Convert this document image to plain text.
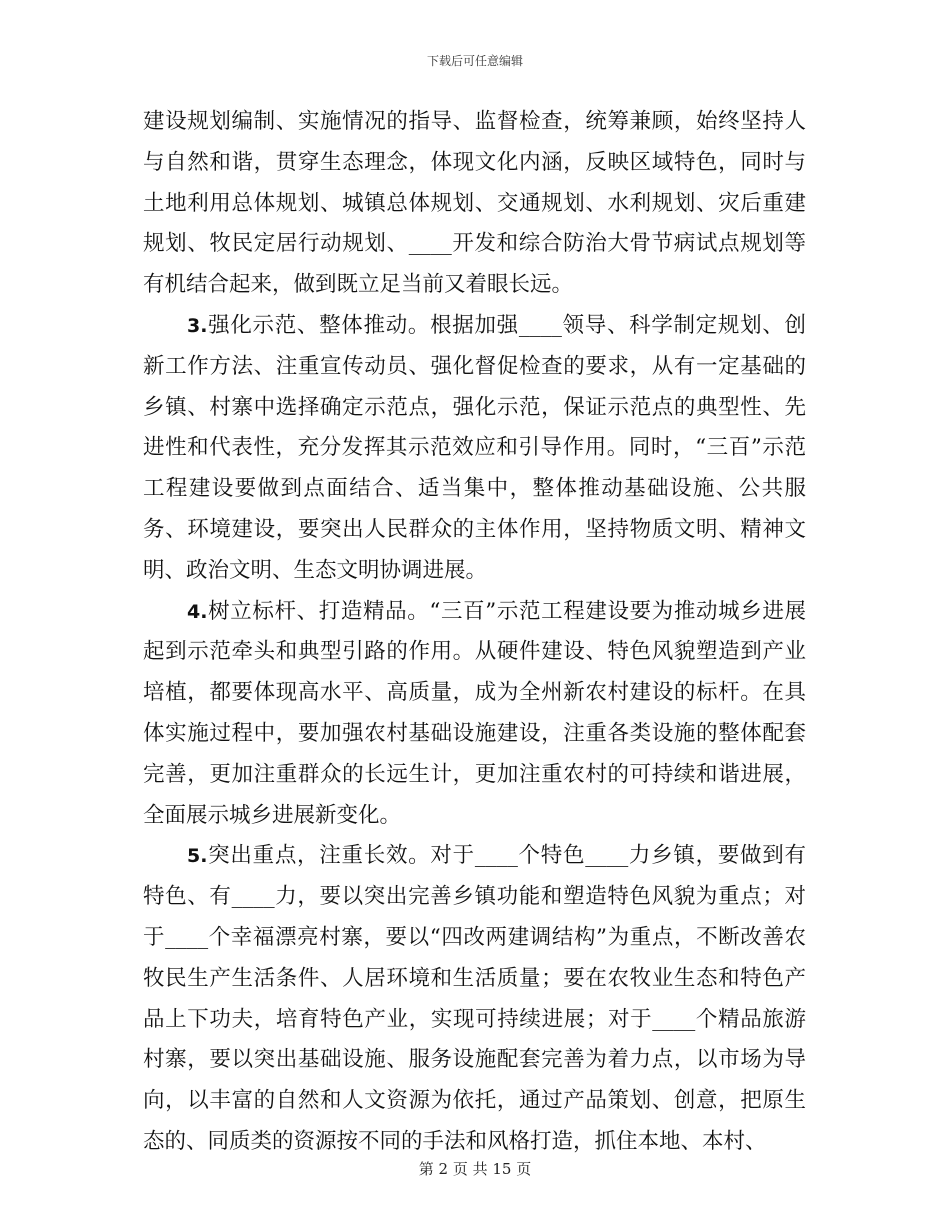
下载后可任意编辑

建设规划编制、实施情况的指导、监督检查，统筹兼顾，始终坚持人与自然和谐，贯穿生态理念，体现文化内涵，反映区域特色，同时与土地利用总体规划、城镇总体规划、交通规划、水利规划、灾后重建规划、牧民定居行动规划、____开发和综合防治大骨节病试点规划等有机结合起来，做到既立足当前又着眼长远。

3.强化示范、整体推动。根据加强____领导、科学制定规划、创新工作方法、注重宣传动员、强化督促检查的要求，从有一定基础的乡镇、村寨中选择确定示范点，强化示范，保证示范点的典型性、先进性和代表性，充分发挥其示范效应和引导作用。同时，“三百”示范工程建设要做到点面结合、适当集中，整体推动基础设施、公共服务、环境建设，要突出人民群众的主体作用，坚持物质文明、精神文明、政治文明、生态文明协调进展。

4.树立标杆、打造精品。“三百”示范工程建设要为推动城乡进展起到示范牵头和典型引路的作用。从硬件建设、特色风貌塑造到产业培植，都要体现高水平、高质量，成为全州新农村建设的标杆。在具体实施过程中，要加强农村基础设施建设，注重各类设施的整体配套完善，更加注重群众的长远生计，更加注重农村的可持续和谐进展，全面展示城乡进展新变化。

5.突出重点，注重长效。对于____个特色____力乡镇，要做到有特色、有____力，要以突出完善乡镇功能和塑造特色风貌为重点；对于____个幸福漂亮村寨，要以“四改两建调结构”为重点，不断改善农牧民生产生活条件、人居环境和生活质量；要在农牧业生态和特色产品上下功夫，培育特色产业，实现可持续进展；对于____个精品旅游村寨，要以突出基础设施、服务设施配套完善为着力点，以市场为导向，以丰富的自然和人文资源为依托，通过产品策划、创意，把原生态的、同质类的资源按不同的手法和风格打造，抓住本地、本村、

第 2 页 共 15 页
